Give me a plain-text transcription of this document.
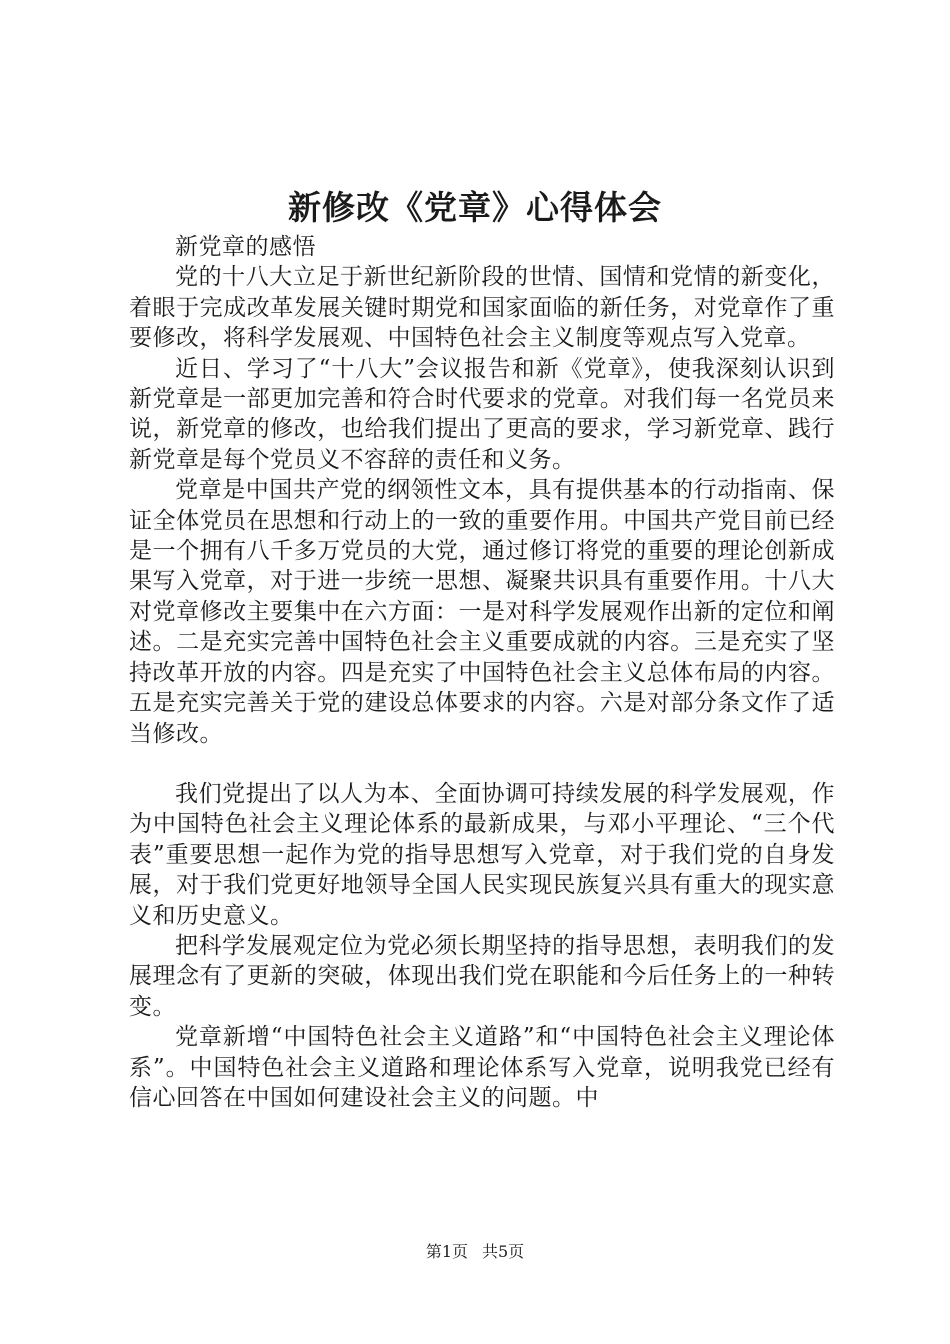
新修改《党章》心得体会

新党章的感悟

党的十八大立足于新世纪新阶段的世情、国情和党情的新变化，着眼于完成改革发展关键时期党和国家面临的新任务，对党章作了重要修改，将科学发展观、中国特色社会主义制度等观点写入党章。

近日、学习了“十八大”会议报告和新《党章》，使我深刻认识到新党章是一部更加完善和符合时代要求的党章。对我们每一名党员来说，新党章的修改，也给我们提出了更高的要求，学习新党章、践行新党章是每个党员义不容辞的责任和义务。

党章是中国共产党的纲领性文本，具有提供基本的行动指南、保证全体党员在思想和行动上的一致的重要作用。中国共产党目前已经是一个拥有八千多万党员的大党，通过修订将党的重要的理论创新成果写入党章，对于进一步统一思想、凝聚共识具有重要作用。十八大对党章修改主要集中在六方面：一是对科学发展观作出新的定位和阐述。二是充实完善中国特色社会主义重要成就的内容。三是充实了坚持改革开放的内容。四是充实了中国特色社会主义总体布局的内容。五是充实完善关于党的建设总体要求的内容。六是对部分条文作了适当修改。

我们党提出了以人为本、全面协调可持续发展的科学发展观，作为中国特色社会主义理论体系的最新成果，与邓小平理论、“三个代表”重要思想一起作为党的指导思想写入党章，对于我们党的自身发展，对于我们党更好地领导全国人民实现民族复兴具有重大的现实意义和历史意义。

把科学发展观定位为党必须长期坚持的指导思想，表明我们的发展理念有了更新的突破，体现出我们党在职能和今后任务上的一种转变。

党章新增“中国特色社会主义道路”和“中国特色社会主义理论体系”。中国特色社会主义道路和理论体系写入党章，说明我党已经有信心回答在中国如何建设社会主义的问题。中

第1页 共5页
